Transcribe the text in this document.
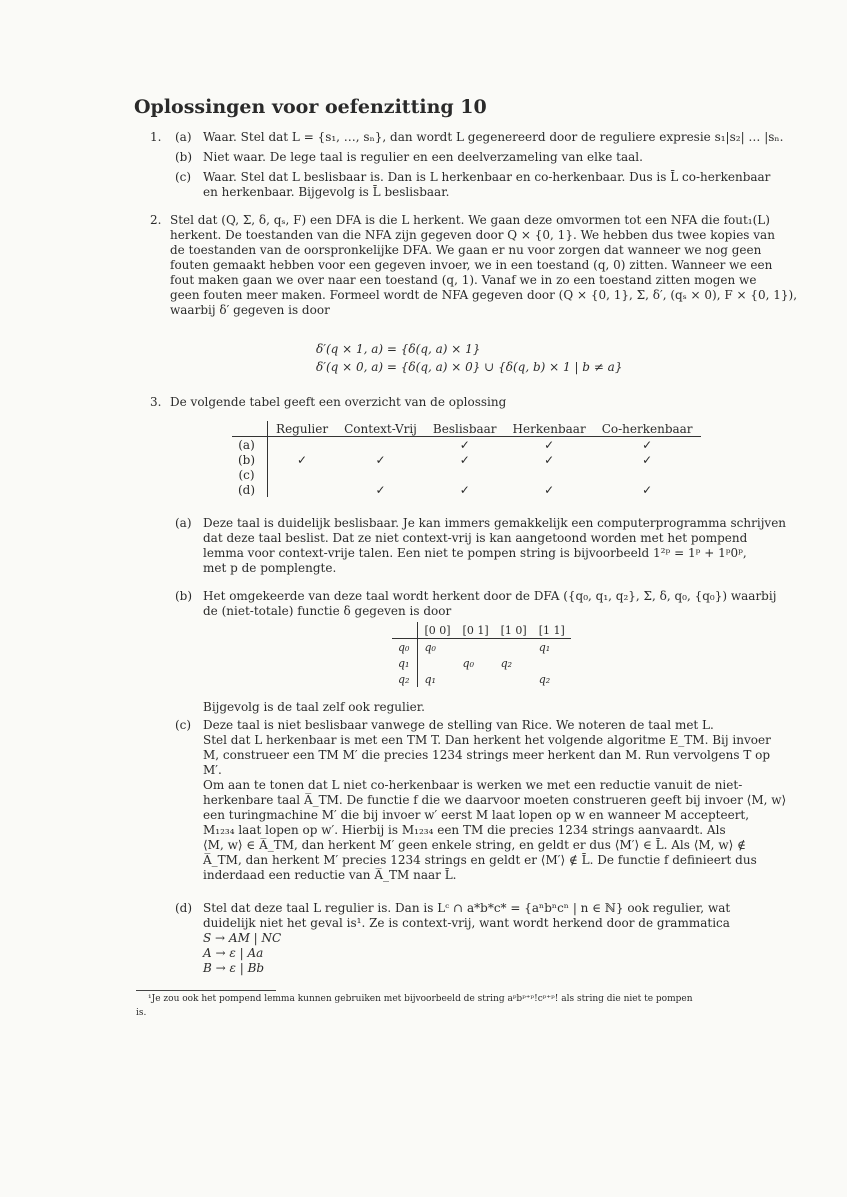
Oplossingen voor oefenzitting 10
1. (a) Waar. Stel dat L = {s₁, …, sₙ}, dan wordt L gegenereerd door de reguliere expresie s₁|s₂| … |sₙ.
(b) Niet waar. De lege taal is regulier en een deelverzameling van elke taal.
(c) Waar. Stel dat L beslisbaar is. Dan is L herkenbaar en co-herkenbaar. Dus is L̄ co-herkenbaar
en herkenbaar. Bijgevolg is L̄ beslisbaar.
2. Stel dat (Q, Σ, δ, qₛ, F) een DFA is die L herkent. We gaan deze omvormen tot een NFA die fout₁(L)
herkent. De toestanden van die NFA zijn gegeven door Q × {0, 1}. We hebben dus twee kopies van
de toestanden van de oorspronkelijke DFA. We gaan er nu voor zorgen dat wanneer we nog geen
fouten gemaakt hebben voor een gegeven invoer, we in een toestand (q, 0) zitten. Wanneer we een
fout maken gaan we over naar een toestand (q, 1). Vanaf we in zo een toestand zitten mogen we
geen fouten meer maken. Formeel wordt de NFA gegeven door (Q × {0, 1}, Σ, δ′, (qₛ × 0), F × {0, 1}),
waarbij δ′ gegeven is door
δ′(q × 1, a) = {δ(q, a) × 1}
δ′(q × 0, a) = {δ(q, a) × 0} ∪ {δ(q, b) × 1 | b ≠ a}
3. De volgende tabel geeft een overzicht van de oplossing
	Regulier	Context-Vrij	Beslisbaar	Herkenbaar	Co-herkenbaar
(a)			✓	✓	✓
(b)	✓	✓	✓	✓	✓
(c)					
(d)		✓	✓	✓	✓
(a) Deze taal is duidelijk beslisbaar. Je kan immers gemakkelijk een computerprogramma schrijven
dat deze taal beslist. Dat ze niet context-vrij is kan aangetoond worden met het pompend
lemma voor context-vrije talen. Een niet te pompen string is bijvoorbeeld 1²ᵖ = 1ᵖ + 1ᵖ0ᵖ,
met p de pomplengte.
(b) Het omgekeerde van deze taal wordt herkent door de DFA ({q₀, q₁, q₂}, Σ, δ, q₀, {q₀}) waarbij
de (niet-totale) functie δ gegeven is door
	[0 0]	[0 1]	[1 0]	[1 1]
q₀	q₀			q₁
q₁		q₀	q₂	
q₂	q₁			q₂
Bijgevolg is de taal zelf ook regulier.
(c) Deze taal is niet beslisbaar vanwege de stelling van Rice. We noteren de taal met L.
Stel dat L herkenbaar is met een TM T. Dan herkent het volgende algoritme E_TM. Bij invoer
M, construeer een TM M′ die precies 1234 strings meer herkent dan M. Run vervolgens T op
M′.
Om aan te tonen dat L niet co-herkenbaar is werken we met een reductie vanuit de niet-
herkenbare taal A̅_TM. De functie f die we daarvoor moeten construeren geeft bij invoer ⟨M, w⟩
een turingmachine M′ die bij invoer w′ eerst M laat lopen op w en wanneer M accepteert,
M₁₂₃₄ laat lopen op w′. Hierbij is M₁₂₃₄ een TM die precies 1234 strings aanvaardt. Als
⟨M, w⟩ ∈ A̅_TM, dan herkent M′ geen enkele string, en geldt er dus ⟨M′⟩ ∈ L̄. Als ⟨M, w⟩ ∉
A̅_TM, dan herkent M′ precies 1234 strings en geldt er ⟨M′⟩ ∉ L̄. De functie f definieert dus
inderdaad een reductie van A̅_TM naar L̄.
(d) Stel dat deze taal L regulier is. Dan is Lᶜ ∩ a*b*c* = {aⁿbⁿcⁿ | n ∈ ℕ} ook regulier, wat
duidelijk niet het geval is¹. Ze is context-vrij, want wordt herkend door de grammatica
S → AM | NC
A → ε | Aa
B → ε | Bb
¹Je zou ook het pompend lemma kunnen gebruiken met bijvoorbeeld de string aᵖbᵖ⁺ᵖ!cᵖ⁺ᵖ! als string die niet te pompen
is.
